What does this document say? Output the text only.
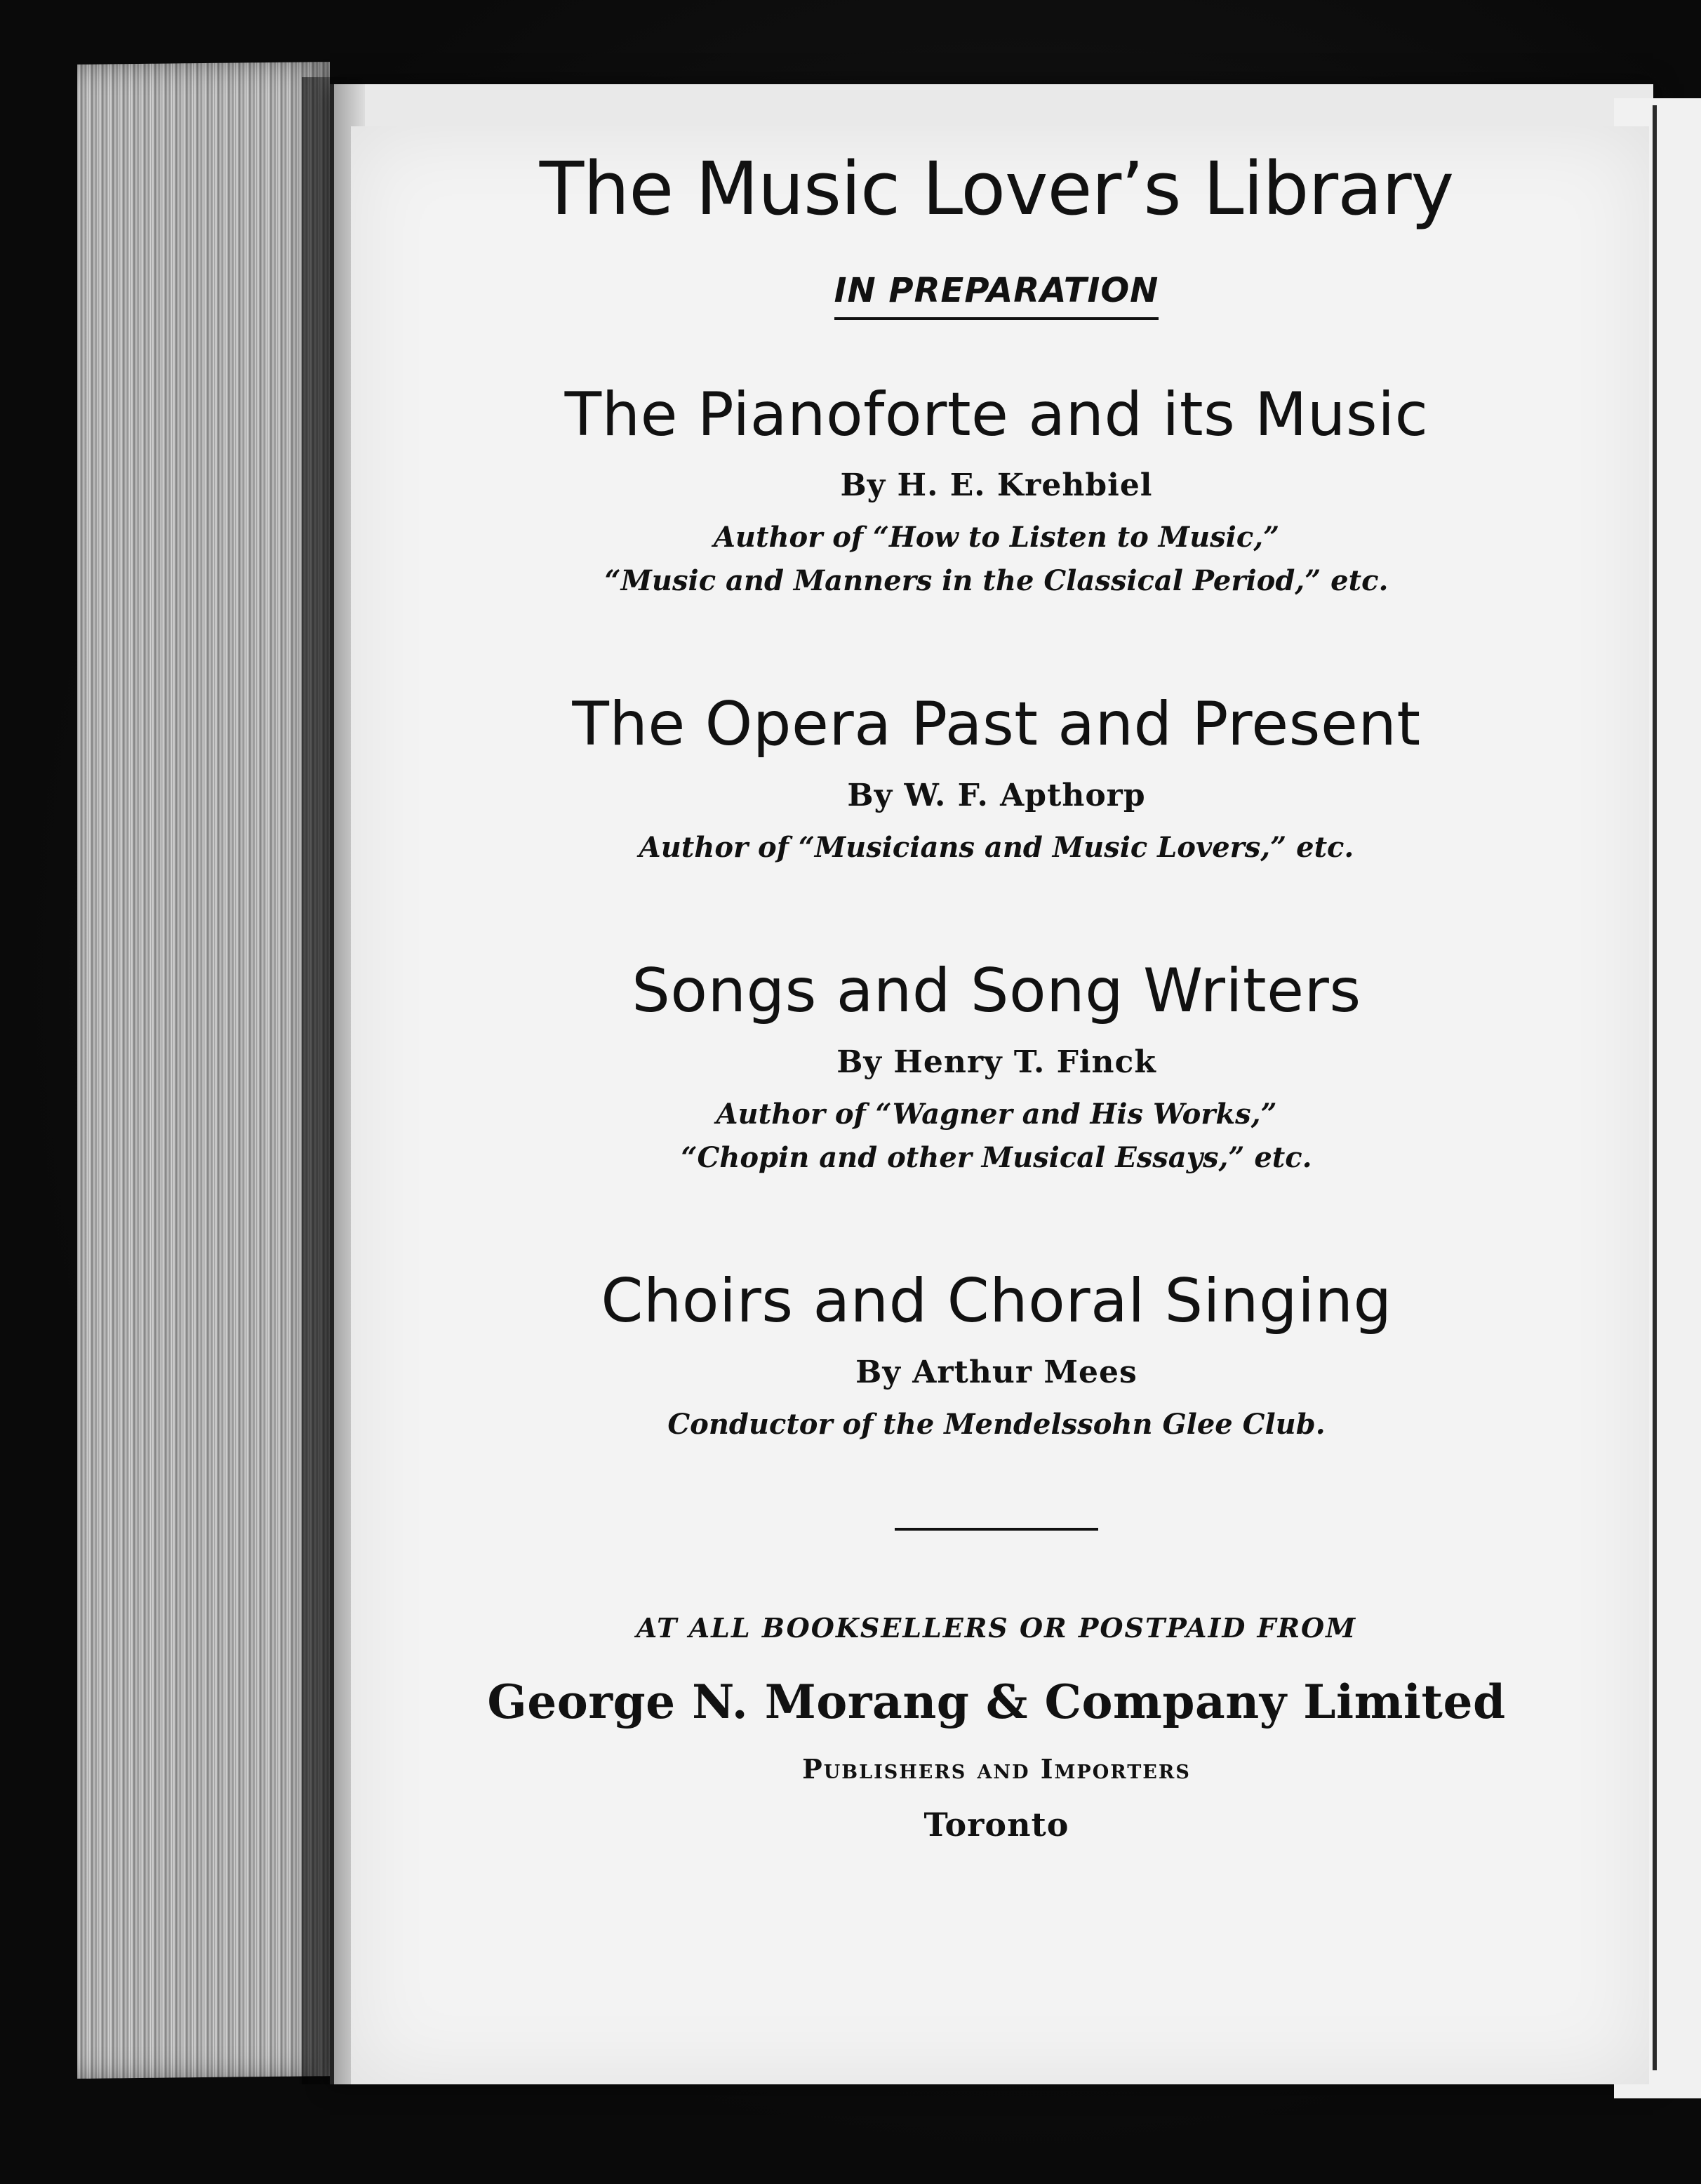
The Music Lover’s Library
IN PREPARATION
The Pianoforte and its Music
By H. E. Krehbiel
Author of “How to Listen to Music,”
“Music and Manners in the Classical Period,” etc.
The Opera Past and Present
By W. F. Apthorp
Author of “Musicians and Music Lovers,” etc.
Songs and Song Writers
By Henry T. Finck
Author of “Wagner and His Works,”
“Chopin and other Musical Essays,” etc.
Choirs and Choral Singing
By Arthur Mees
Conductor of the Mendelssohn Glee Club.
AT ALL BOOKSELLERS OR POSTPAID FROM
George N. Morang & Company Limited
Publishers and Importers
Toronto
